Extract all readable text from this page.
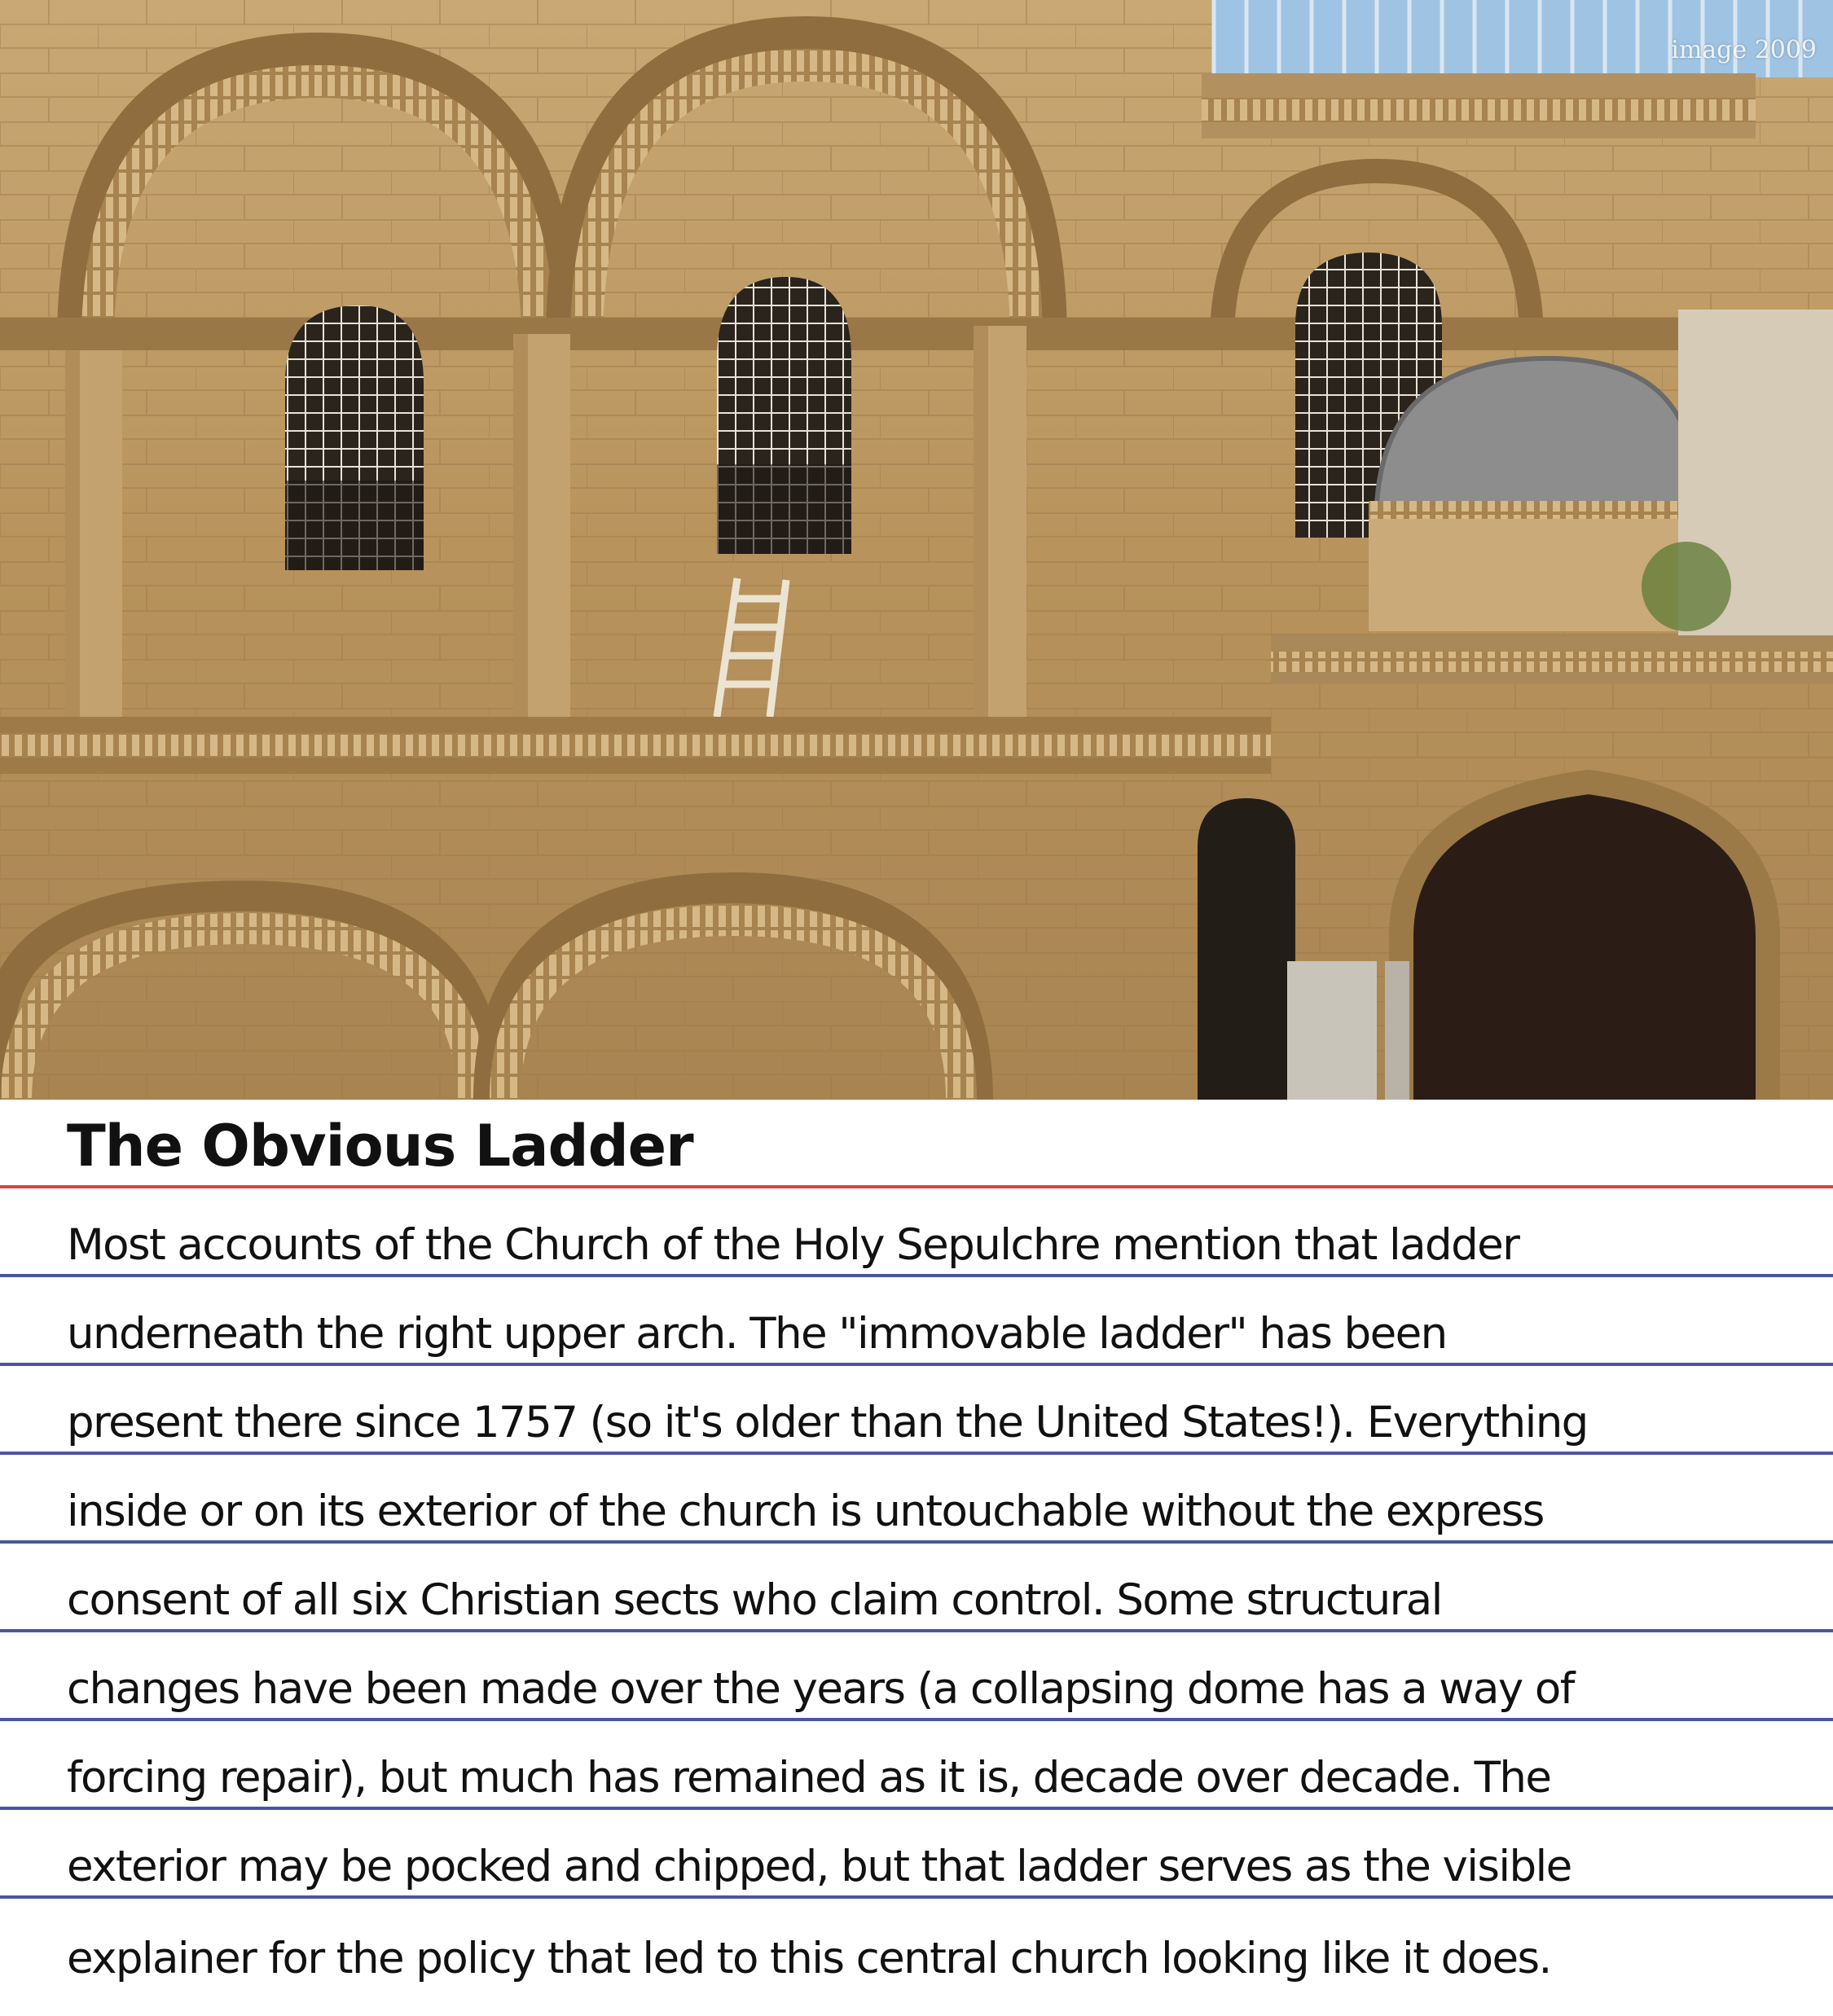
image 2009
The Obvious Ladder
Most accounts of the Church of the Holy Sepulchre mention that ladder
underneath the right upper arch. The "immovable ladder" has been
present there since 1757 (so it's older than the United States!). Everything
inside or on its exterior of the church is untouchable without the express
consent of all six Christian sects who claim control. Some structural
changes have been made over the years (a collapsing dome has a way of
forcing repair), but much has remained as it is, decade over decade. The
exterior may be pocked and chipped, but that ladder serves as the visible
explainer for the policy that led to this central church looking like it does.
